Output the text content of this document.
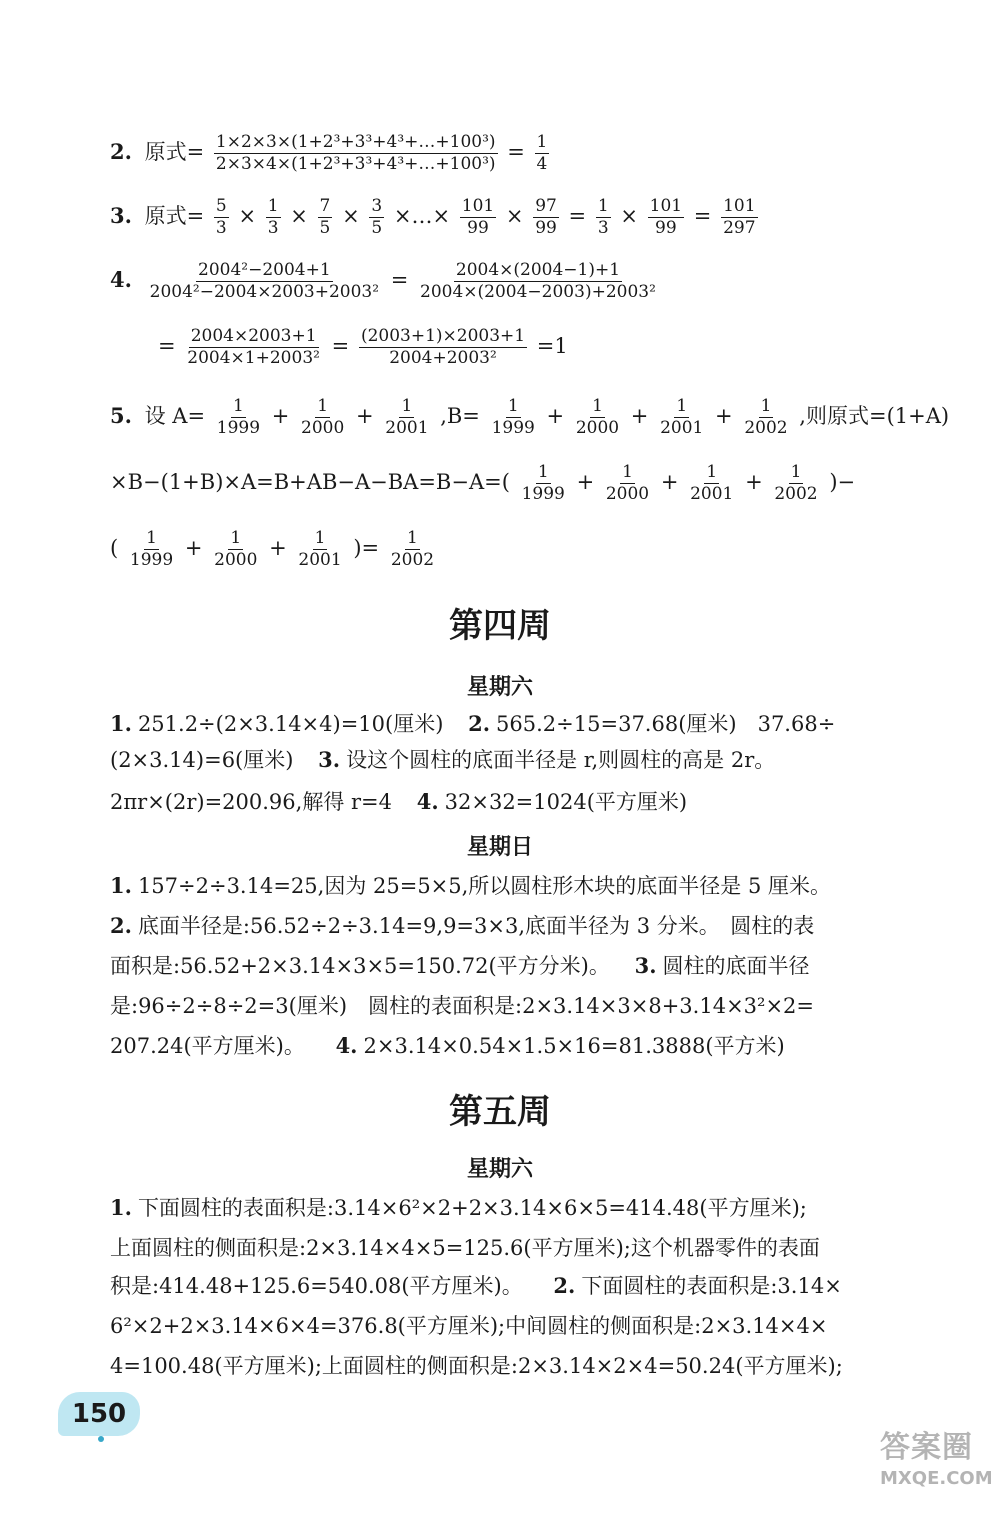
2. 原式= $\frac{\text{1×2×3×(1+2³+3³+4³+…+100³)}}{\text{2×3×4×(1+2³+3³+4³+…+100³)}} = \frac{1}{4}$
3. 原式= $\frac{5}{3} \times \frac{1}{3} \times \frac{7}{5} \times \frac{3}{5}$ ×…× $\frac{101}{99} \times \frac{97}{99} = \frac{1}{3} \times \frac{101}{99} = \frac{101}{297}$
4. $\frac{\text{2004²−2004+1}}{\text{2004²−2004×2003+2003²}} = \frac{2004\times(2004-1)+1}{\text{2004×(2004−2003)+2003²}}$
= $\frac{2004\times 2003+1}{\text{2004×1+2003²}} = \frac{(2003+1)\times 2003+1}{\text{2004+2003²}} =1$
5. 设 $A= \frac{1}{1999} + \frac{1}{2000} + \frac{1}{2001} ,B= \frac{1}{1999} + \frac{1}{2000} + \frac{1}{2001} + \frac{1}{2002}$ ,则原式=(1+A)
$\times B-(1+B)\times A=B+AB-A-BA=B-A=( \frac{1}{1999} + \frac{1}{2000} + \frac{1}{2001} + \frac{1}{2002}$ )−
( $\frac{1}{1999} + \frac{1}{2000} + \frac{1}{2001}$ )= $\frac{1}{2002}$
第四周
星期六
1. 251.2÷(2×3.14×4)=10(厘米) 2. 565.2÷15=37.68(厘米)　37.68÷
(2×3.14)=6(厘米) 3. 设这个圆柱的底面半径是 r,则圆柱的高是 2r。
2πr×(2r)=200.96,解得 r=4 4. 32×32=1024(平方厘米)
星期日
1. 157÷2÷3.14=25,因为 25=5×5,所以圆柱形木块的底面半径是 5 厘米。
2. 底面半径是:56.52÷2÷3.14=9,9=3×3,底面半径为 3 分米。　圆柱的表
面积是:56.52+2×3.14×3×5=150.72(平方分米)。 3. 圆柱的底面半径
是:96÷2÷8÷2=3(厘米)　圆柱的表面积是:2×3.14×3×8+3.14×3²×2=
207.24(平方厘米)。 4. 2×3.14×0.54×1.5×16=81.3888(平方米)
第五周
星期六
1. 下面圆柱的表面积是:3.14×6²×2+2×3.14×6×5=414.48(平方厘米);
上面圆柱的侧面积是:2×3.14×4×5=125.6(平方厘米);这个机器零件的表面
积是:414.48+125.6=540.08(平方厘米)。 2. 下面圆柱的表面积是:3.14×
6²×2+2×3.14×6×4=376.8(平方厘米);中间圆柱的侧面积是:2×3.14×4×
4=100.48(平方厘米);上面圆柱的侧面积是:2×3.14×2×4=50.24(平方厘米);
150
答案圈
MXQE.COM
